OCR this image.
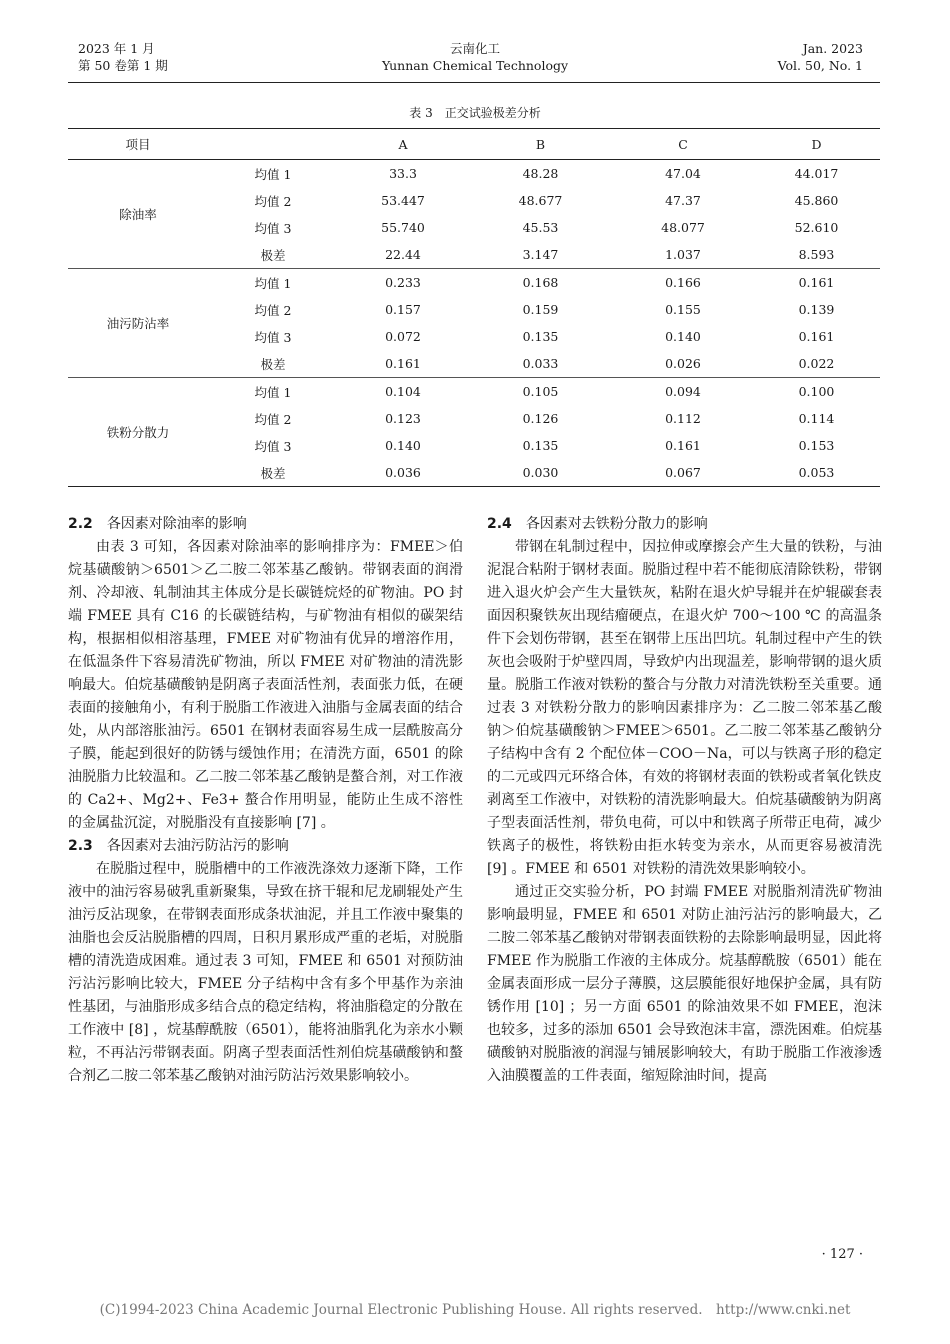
2023 年 1 月
第 50 卷第 1 期
云南化工
Yunnan Chemical Technology
Jan. 2023
Vol. 50, No. 1
表 3　正交试验极差分析
项目		A	B	C	D
除油率	均值 1	33.3	48.28	47.04	44.017
	均值 2	53.447	48.677	47.37	45.860
	均值 3	55.740	45.53	48.077	52.610
	极差	22.44	3.147	1.037	8.593
油污防沾率	均值 1	0.233	0.168	0.166	0.161
	均值 2	0.157	0.159	0.155	0.139
	均值 3	0.072	0.135	0.140	0.161
	极差	0.161	0.033	0.026	0.022
铁粉分散力	均值 1	0.104	0.105	0.094	0.100
	均值 2	0.123	0.126	0.112	0.114
	均值 3	0.140	0.135	0.161	0.153
	极差	0.036	0.030	0.067	0.053
2.2 各因素对除油率的影响

由表 3 可知，各因素对除油率的影响排序为：FMEE＞伯烷基磺酸钠＞6501＞乙二胺二邻苯基乙酸钠。带钢表面的润滑剂、冷却液、轧制油其主体成分是长碳链烷烃的矿物油。PO 封端 FMEE 具有 C16 的长碳链结构，与矿物油有相似的碳架结构，根据相似相溶基理，FMEE 对矿物油有优异的增溶作用，在低温条件下容易清洗矿物油，所以 FMEE 对矿物油的清洗影响最大。伯烷基磺酸钠是阴离子表面活性剂，表面张力低，在硬表面的接触角小，有利于脱脂工作液进入油脂与金属表面的结合处，从内部溶胀油污。6501 在钢材表面容易生成一层酰胺高分子膜，能起到很好的防锈与缓蚀作用；在清洗方面，6501 的除油脱脂力比较温和。乙二胺二邻苯基乙酸钠是螯合剂，对工作液的 Ca2+、Mg2+、Fe3+ 螯合作用明显，能防止生成不溶性的金属盐沉淀，对脱脂没有直接影响 [7] 。

2.3 各因素对去油污防沾污的影响

在脱脂过程中，脱脂槽中的工作液洗涤效力逐渐下降，工作液中的油污容易破乳重新聚集，导致在挤干辊和尼龙刷辊处产生油污反沾现象，在带钢表面形成条状油泥，并且工作液中聚集的油脂也会反沾脱脂槽的四周，日积月累形成严重的老垢，对脱脂槽的清洗造成困难。通过表 3 可知，FMEE 和 6501 对预防油污沾污影响比较大，FMEE 分子结构中含有多个甲基作为亲油性基团，与油脂形成多结合点的稳定结构，将油脂稳定的分散在工作液中 [8] ，烷基醇酰胺（6501），能将油脂乳化为亲水小颗粒，不再沾污带钢表面。阴离子型表面活性剂伯烷基磺酸钠和螯合剂乙二胺二邻苯基乙酸钠对油污防沾污效果影响较小。

2.4 各因素对去铁粉分散力的影响

带钢在轧制过程中，因拉伸或摩擦会产生大量的铁粉，与油泥混合粘附于钢材表面。脱脂过程中若不能彻底清除铁粉，带钢进入退火炉会产生大量铁灰，粘附在退火炉导辊并在炉辊碳套表面因积聚铁灰出现结瘤硬点，在退火炉 700～100 ℃ 的高温条件下会划伤带钢，甚至在钢带上压出凹坑。轧制过程中产生的铁灰也会吸附于炉壁四周，导致炉内出现温差，影响带钢的退火质量。脱脂工作液对铁粉的螯合与分散力对清洗铁粉至关重要。通过表 3 对铁粉分散力的影响因素排序为：乙二胺二邻苯基乙酸钠＞伯烷基磺酸钠＞FMEE＞6501。乙二胺二邻苯基乙酸钠分子结构中含有 2 个配位体－COO－Na，可以与铁离子形的稳定的二元或四元环络合体，有效的将钢材表面的铁粉或者氧化铁皮剥离至工作液中，对铁粉的清洗影响最大。伯烷基磺酸钠为阴离子型表面活性剂，带负电荷，可以中和铁离子所带正电荷，减少铁离子的极性，将铁粉由拒水转变为亲水，从而更容易被清洗 [9] 。FMEE 和 6501 对铁粉的清洗效果影响较小。

通过正交实验分析，PO 封端 FMEE 对脱脂剂清洗矿物油影响最明显，FMEE 和 6501 对防止油污沾污的影响最大，乙二胺二邻苯基乙酸钠对带钢表面铁粉的去除影响最明显，因此将 FMEE 作为脱脂工作液的主体成分。烷基醇酰胺（6501）能在金属表面形成一层分子薄膜，这层膜能很好地保护金属，具有防锈作用 [10] ；另一方面 6501 的除油效果不如 FMEE，泡沫也较多，过多的添加 6501 会导致泡沫丰富，漂洗困难。伯烷基磺酸钠对脱脂液的润湿与铺展影响较大，有助于脱脂工作液渗透入油膜覆盖的工件表面，缩短除油时间，提高

· 127 ·
(C)1994-2023 China Academic Journal Electronic Publishing House. All rights reserved.　http://www.cnki.net
